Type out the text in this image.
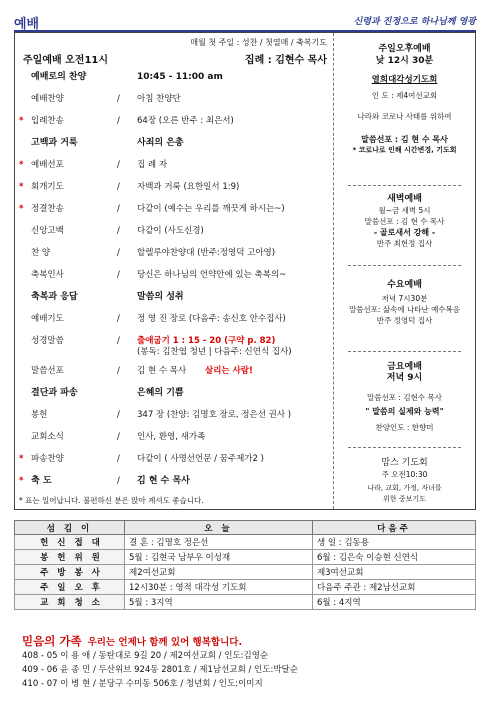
예배	신령과 진정으로 하나님께 영광
매월 첫 주일 : 성찬 / 첫열매 / 축복기도
주일예배 오전11시	집례 : 김현수 목사
예배로의 찬양	10:45 - 11:00 am
예배찬양	/	아침 찬양단
* 입례찬송	/	64장 (오른 반주 : 최은서)
고백과 거룩	사죄의 은총
* 예배선포	/	집 례 자
* 회개기도	/	자백과 거룩 (요한일서 1:9)
* 정결찬송	/	다같이 (예수는 우리를 깨끗게 하시는~)
신앙고백	/	다같이 (사도신경)
찬 양	/	할렐루야찬양대 (반주:정영덕 고아영)
축복인사	/	당신은 하나님의 언약안에 있는 축복의~
축복과 응답	말씀의 성취
예배기도	/	정 영 진 장로 (다음주: 송신호 안수집사)
성경말씀	/	출애굽기 1 : 15 - 20 (구약 p. 82)
(봉독: 김찬엽 청년 | 다음주: 신연식 집사)
말씀선포	/	김 현 수 목사 살리는 사람!
결단과 파송	은혜의 기쁨
봉헌	/	347 장 (찬양: 김명호 장로, 정은선 권사 )
교회소식	/	인사, 환영, 새가족
* 파송찬양	/	다같이 ( 사명선언문 / 꿈주제가2 )
* 축 도	/	김 현 수 목사
* 표는 일어납니다. 불편하신 분은 앉아 계셔도 좋습니다.
주일오후예배
낮 12시 30분
열희대각성기도회
인 도 : 제4여선교회
나라와 코로나 사태를 위하여
말씀선포 : 김 현 수 목사
* 코로나로 인해 시간변경, 기도회
새벽예배
월~금 새벽 5시
말씀선포 : 김 현 수 목사
- 골로새서 강해 -
반주 최현정 집사
수요예배
저녁 7시30분
말씀선포: 삶속에 나타난 예수복음
반주 정영덕 집사
금요예배
저녁 9시
말씀선포 : 김현수 목사
" 말씀의 실제와 능력"
찬양인도 : 한향미
맘스 기도회
주 오전10:30
나라, 교회, 가정, 자녀를
위한 중보기도
섬 김 이	오 늘	다음주
헌 신 접 대	결 혼 : 김명호 정은선	생 일 : 김동용
봉 헌 위 원	5월 : 김현국 남부우 이성재	6월 : 김은숙 이승현 신연식
주 방 봉 사	제2여선교회	제3여선교회
주 일 오 후	12시30분 : 영적 대각성 기도회	다음주 주관 : 제2남선교회
교 회 청 소	5월 : 3지역	6월 : 4지역
믿음의 가족 우리는 언제나 함께 있어 행복합니다.
408 - 05 이 용 애 / 동탄대로 9길 20 / 제2여선교회 / 인도:김영순
409 - 06 윤 종 민 / 두산위브 924동 2801호 / 제1남선교회 / 인도:박달순
410 - 07 이 병 현 / 분당구 수미동 506호 / 청년회 / 인도:이미지
